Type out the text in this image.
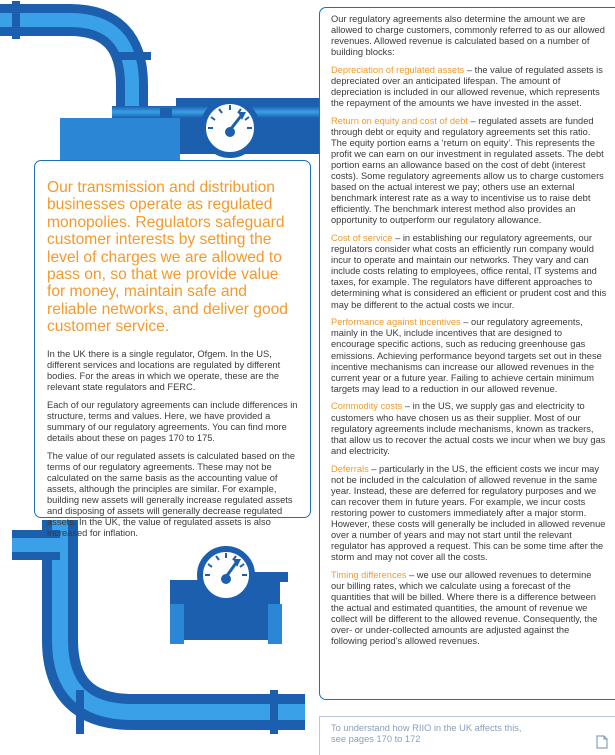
Our transmission and distribution businesses operate as regulated monopolies. Regulators safeguard customer interests by setting the level of charges we are allowed to pass on, so that we provide value for money, maintain safe and reliable networks, and deliver good customer service.

In the UK there is a single regulator, Ofgem. In the US, different services and locations are regulated by different bodies. For the areas in which we operate, these are the relevant state regulators and FERC.

Each of our regulatory agreements can include differences in structure, terms and values. Here, we have provided a summary of our regulatory agreements. You can find more details about these on pages 170 to 175.

The value of our regulated assets is calculated based on the terms of our regulatory agreements. These may not be calculated on the same basis as the accounting value of assets, although the principles are similar. For example, building new assets will generally increase regulated assets and disposing of assets will generally decrease regulated assets. In the UK, the value of regulated assets is also increased for inflation.

Our regulatory agreements also determine the amount we are allowed to charge customers, commonly referred to as our allowed revenues. Allowed revenue is calculated based on a number of building blocks:

Depreciation of regulated assets – the value of regulated assets is depreciated over an anticipated lifespan. The amount of depreciation is included in our allowed revenue, which represents the repayment of the amounts we have invested in the asset.

Return on equity and cost of debt – regulated assets are funded through debt or equity and regulatory agreements set this ratio. The equity portion earns a ‘return on equity’. This represents the profit we can earn on our investment in regulated assets. The debt portion earns an allowance based on the cost of debt (interest costs). Some regulatory agreements allow us to charge customers based on the actual interest we pay; others use an external benchmark interest rate as a way to incentivise us to raise debt efficiently. The benchmark interest method also provides an opportunity to outperform our regulatory allowance.

Cost of service – in establishing our regulatory agreements, our regulators consider what costs an efficiently run company would incur to operate and maintain our networks. They vary and can include costs relating to employees, office rental, IT systems and taxes, for example. The regulators have different approaches to determining what is considered an efficient or prudent cost and this may be different to the actual costs we incur.

Performance against incentives – our regulatory agreements, mainly in the UK, include incentives that are designed to encourage specific actions, such as reducing greenhouse gas emissions. Achieving performance beyond targets set out in these incentive mechanisms can increase our allowed revenues in the current year or a future year. Failing to achieve certain minimum targets may lead to a reduction in our allowed revenue.

Commodity costs – in the US, we supply gas and electricity to customers who have chosen us as their supplier. Most of our regulatory agreements include mechanisms, known as trackers, that allow us to recover the actual costs we incur when we buy gas and electricity.

Deferrals – particularly in the US, the efficient costs we incur may not be included in the calculation of allowed revenue in the same year. Instead, these are deferred for regulatory purposes and we can recover them in future years. For example, we incur costs restoring power to customers immediately after a major storm. However, these costs will generally be included in allowed revenue over a number of years and may not start until the relevant regulator has approved a request. This can be some time after the storm and may not cover all the costs.

Timing differences – we use our allowed revenues to determine our billing rates, which we calculate using a forecast of the quantities that will be billed. Where there is a difference between the actual and estimated quantities, the amount of revenue we collect will be different to the allowed revenue. Consequently, the over- or under-collected amounts are adjusted against the following period’s allowed revenues.

To understand how RIIO in the UK affects this,
see pages 170 to 172
